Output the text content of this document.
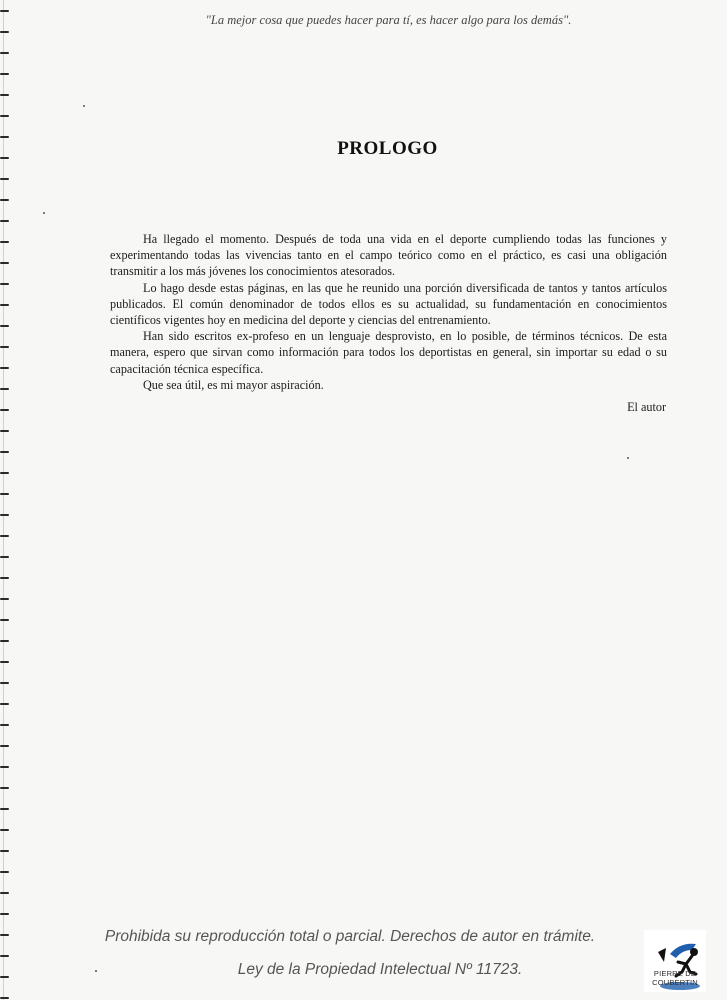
"La mejor cosa que puedes hacer para tí, es hacer algo para los demás".
PROLOGO

Ha llegado el momento. Después de toda una vida en el deporte cumpliendo todas las funciones y experimentando todas las vivencias tanto en el campo teórico como en el práctico, es casi una obligación transmitir a los más jóvenes los conocimientos atesorados.

Lo hago desde estas páginas, en las que he reunido una porción diversificada de tantos y tantos artículos publicados. El común denominador de todos ellos es su actualidad, su fundamentación en conocimientos científicos vigentes hoy en medicina del deporte y ciencias del entrenamiento.

Han sido escritos ex-profeso en un lenguaje desprovisto, en lo posible, de términos técnicos. De esta manera, espero que sirvan como información para todos los deportistas en general, sin importar su edad o su capacitación técnica específica.

Que sea útil, es mi mayor aspiración.

El autor
Prohibida su reproducción total o parcial. Derechos de autor en trámite.
Ley de la Propiedad Intelectual Nº 11723.	PIERRE DE COUBERTIN
